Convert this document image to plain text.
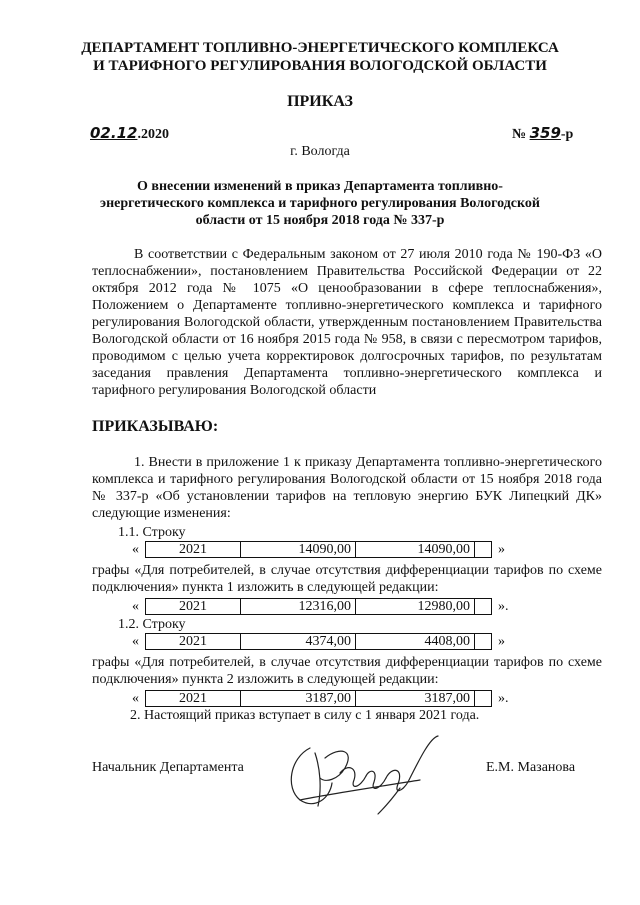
ДЕПАРТАМЕНТ ТОПЛИВНО-ЭНЕРГЕТИЧЕСКОГО КОМПЛЕКСА
И ТАРИФНОГО РЕГУЛИРОВАНИЯ ВОЛОГОДСКОЙ ОБЛАСТИ
ПРИКАЗ
02.12.2020	№ 359-р
г. Вологда
О внесении изменений в приказ Департамента топливно-
энергетического комплекса и тарифного регулирования Вологодской
области от 15 ноября 2018 года № 337-р
В соответствии с Федеральным законом от 27 июля 2010 года № 190-ФЗ «О теплоснабжении», постановлением Правительства Российской Федерации от 22 октября 2012 года № 1075 «О ценообразовании в сфере теплоснабжения», Положением о Департаменте топливно-энергетического комплекса и тарифного регулирования Вологодской области, утвержденным постановлением Правительства Вологодской области от 16 ноября 2015 года № 958, в связи с пересмотром тарифов, проводимом с целью учета корректировок долгосрочных тарифов, по результатам заседания правления Департамента топливно-энергетического комплекса и тарифного регулирования Вологодской области
ПРИКАЗЫВАЮ:
1. Внести в приложение 1 к приказу Департамента топливно-энергетического комплекса и тарифного регулирования Вологодской области от 15 ноября 2018 года № 337-р «Об установлении тарифов на тепловую энергию БУК Липецкий ДК» следующие изменения:
1.1. Строку
«	2021	14090,00	14090,00		»
графы «Для потребителей, в случае отсутствия дифференциации тарифов по схеме подключения» пункта 1 изложить в следующей редакции:
«	2021	12316,00	12980,00		».
1.2. Строку
«	2021	4374,00	4408,00		»
графы «Для потребителей, в случае отсутствия дифференциации тарифов по схеме подключения» пункта 2 изложить в следующей редакции:
«	2021	3187,00	3187,00		».
2. Настоящий приказ вступает в силу с 1 января 2021 года.
Начальник Департамента	Е.М. Мазанова
